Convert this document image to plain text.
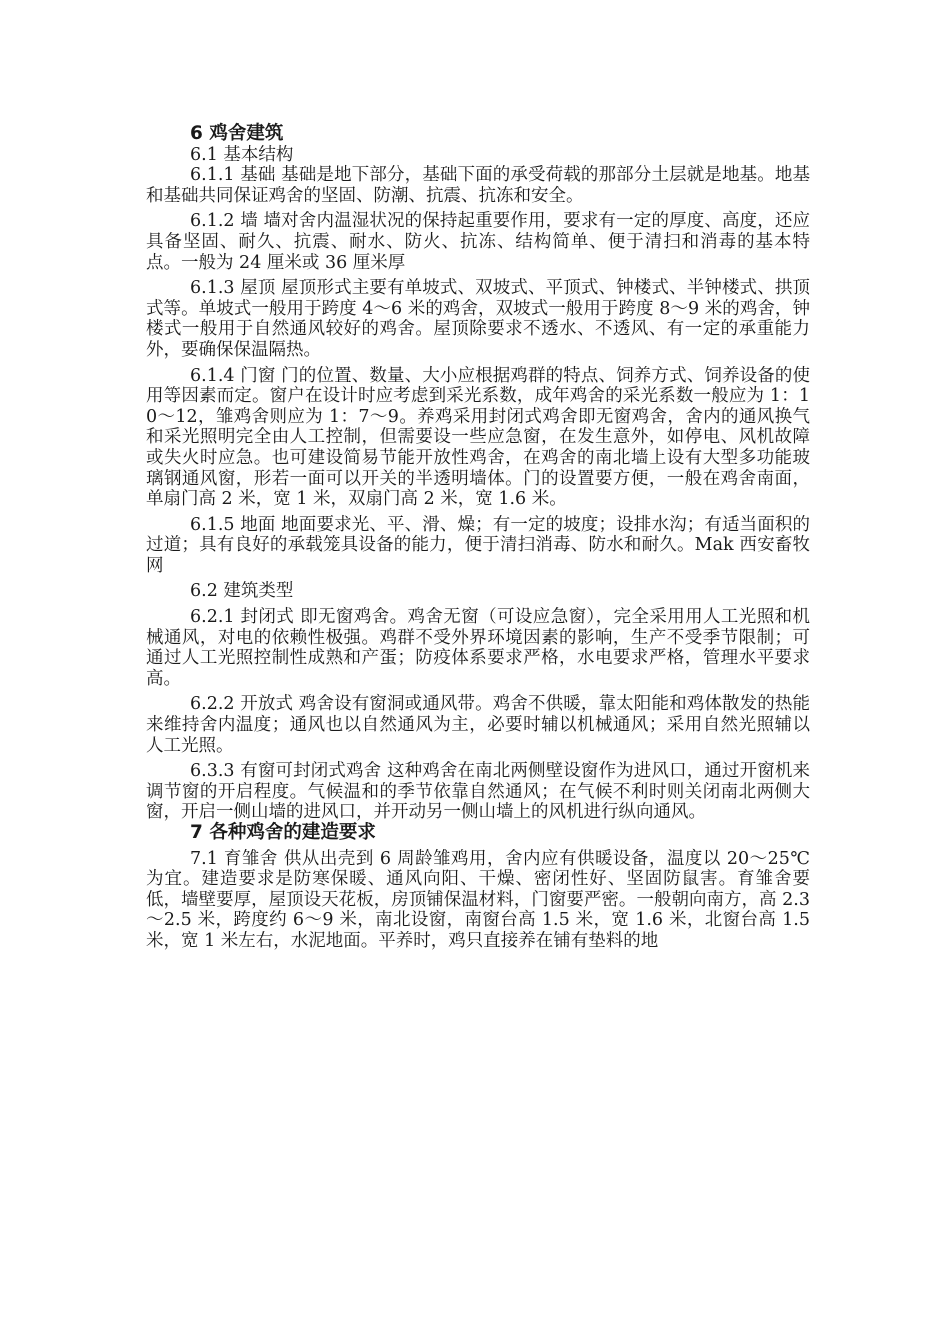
6 鸡舍建筑

6.1 基本结构

6.1.1 基础 基础是地下部分，基础下面的承受荷载的那部分土层就是地基。地基和基础共同保证鸡舍的坚固、防潮、抗震、抗冻和安全。

6.1.2 墙 墙对舍内温湿状况的保持起重要作用，要求有一定的厚度、高度，还应具备坚固、耐久、抗震、耐水、防火、抗冻、结构简单、便于清扫和消毒的基本特点。一般为 24 厘米或 36 厘米厚

6.1.3 屋顶 屋顶形式主要有单坡式、双坡式、平顶式、钟楼式、半钟楼式、拱顶式等。单坡式一般用于跨度 4～6 米的鸡舍，双坡式一般用于跨度 8～9 米的鸡舍，钟楼式一般用于自然通风较好的鸡舍。屋顶除要求不透水、不透风、有一定的承重能力外，要确保保温隔热。

6.1.4 门窗 门的位置、数量、大小应根据鸡群的特点、饲养方式、饲养设备的使用等因素而定。窗户在设计时应考虑到采光系数，成年鸡舍的采光系数一般应为 1：10～12，雏鸡舍则应为 1：7～9。养鸡采用封闭式鸡舍即无窗鸡舍，舍内的通风换气和采光照明完全由人工控制，但需要设一些应急窗，在发生意外，如停电、风机故障或失火时应急。也可建设简易节能开放性鸡舍，在鸡舍的南北墙上设有大型多功能玻璃钢通风窗，形若一面可以开关的半透明墙体。门的设置要方便，一般在鸡舍南面，单扇门高 2 米，宽 1 米，双扇门高 2 米，宽 1.6 米。

6.1.5 地面 地面要求光、平、滑、燥；有一定的坡度；设排水沟；有适当面积的过道；具有良好的承载笼具设备的能力，便于清扫消毒、防水和耐久。Mak 西安畜牧网

6.2 建筑类型

6.2.1 封闭式 即无窗鸡舍。鸡舍无窗（可设应急窗），完全采用用人工光照和机械通风，对电的依赖性极强。鸡群不受外界环境因素的影响，生产不受季节限制；可通过人工光照控制性成熟和产蛋；防疫体系要求严格，水电要求严格，管理水平要求高。

6.2.2 开放式 鸡舍设有窗洞或通风带。鸡舍不供暖，靠太阳能和鸡体散发的热能来维持舍内温度；通风也以自然通风为主，必要时辅以机械通风；采用自然光照辅以人工光照。

6.3.3 有窗可封闭式鸡舍 这种鸡舍在南北两侧壁设窗作为进风口，通过开窗机来调节窗的开启程度。气候温和的季节依靠自然通风；在气候不利时则关闭南北两侧大窗，开启一侧山墙的进风口，并开动另一侧山墙上的风机进行纵向通风。

7 各种鸡舍的建造要求

7.1 育雏舍 供从出壳到 6 周龄雏鸡用，舍内应有供暖设备，温度以 20～25℃为宜。建造要求是防寒保暖、通风向阳、干燥、密闭性好、坚固防鼠害。育雏舍要低，墙壁要厚，屋顶设天花板，房顶铺保温材料，门窗要严密。一般朝向南方，高 2.3～2.5 米，跨度约 6～9 米，南北设窗，南窗台高 1.5 米，宽 1.6 米，北窗台高 1.5 米，宽 1 米左右，水泥地面。平养时，鸡只直接养在铺有垫料的地
